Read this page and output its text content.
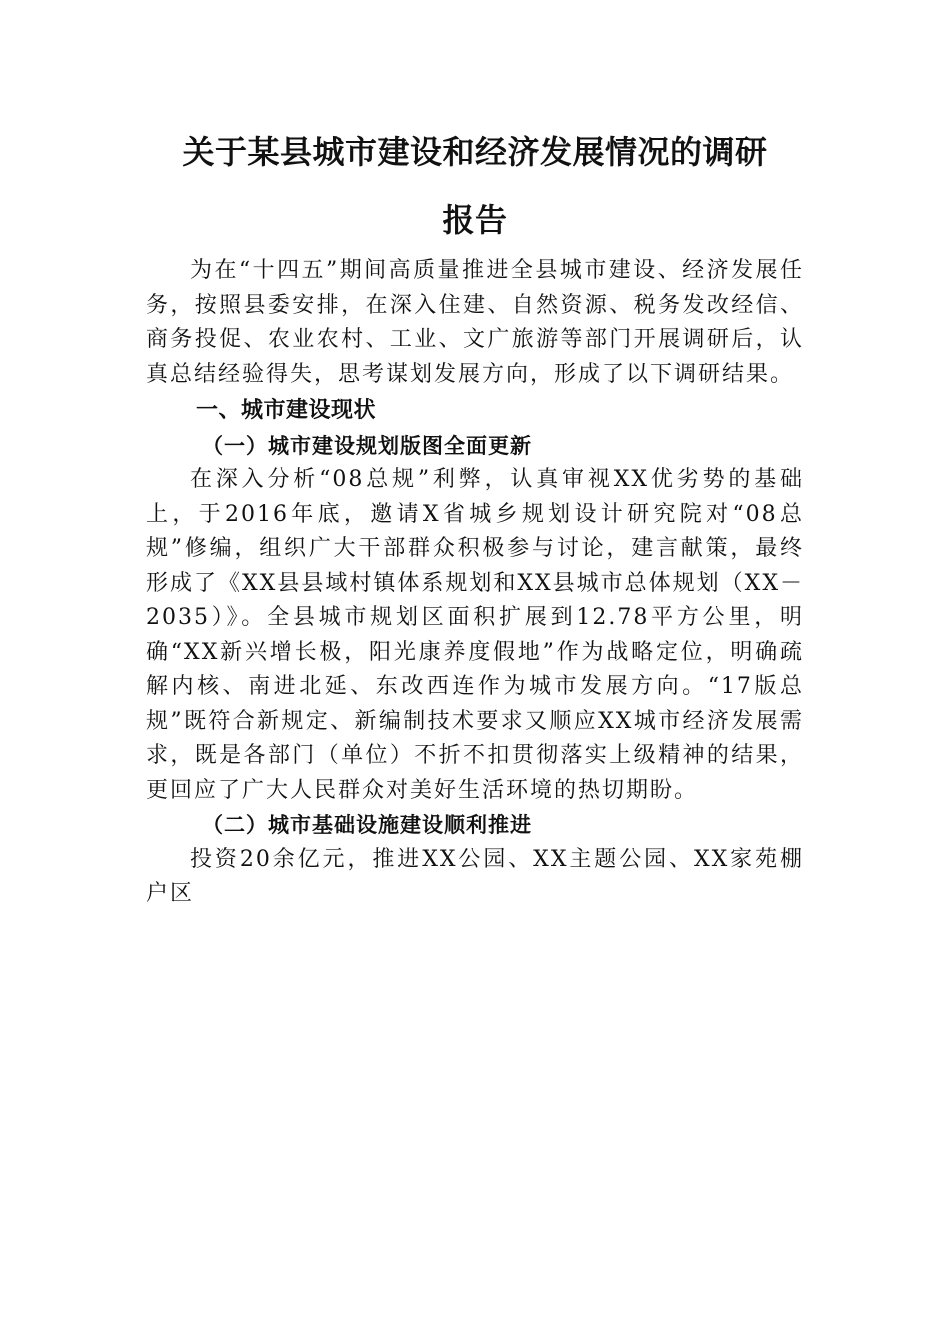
关于某县城市建设和经济发展情况的调研
报告

为在“十四五”期间高质量推进全县城市建设、经济发展任务，按照县委安排，在深入住建、自然资源、税务发改经信、商务投促、农业农村、工业、文广旅游等部门开展调研后，认真总结经验得失，思考谋划发展方向，形成了以下调研结果。

一、城市建设现状
（一）城市建设规划版图全面更新

在深入分析“08总规”利弊，认真审视XX优劣势的基础上，于2016年底，邀请X省城乡规划设计研究院对“08总规”修编，组织广大干部群众积极参与讨论，建言献策，最终形成了《XX县县域村镇体系规划和XX县城市总体规划（XX－2035）》。全县城市规划区面积扩展到12.78平方公里，明确“XX新兴增长极，阳光康养度假地”作为战略定位，明确疏解内核、南进北延、东改西连作为城市发展方向。“17版总规”既符合新规定、新编制技术要求又顺应XX城市经济发展需求，既是各部门（单位）不折不扣贯彻落实上级精神的结果，更回应了广大人民群众对美好生活环境的热切期盼。

（二）城市基础设施建设顺利推进

投资20余亿元，推进XX公园、XX主题公园、XX家苑棚户区
